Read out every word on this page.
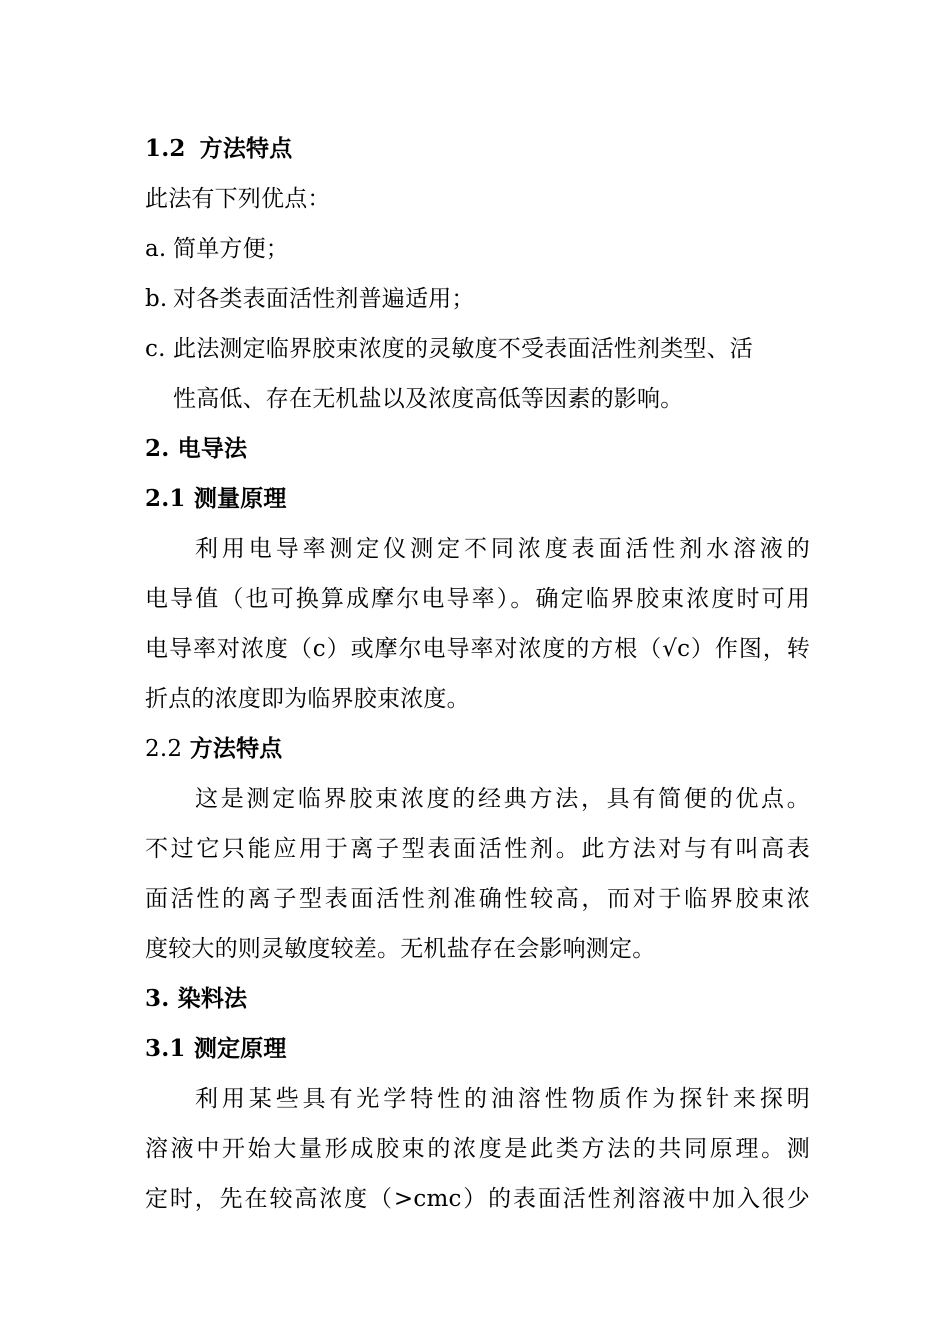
1.2 方法特点
此法有下列优点：
a. 简单方便；
b. 对各类表面活性剂普遍适用；
c. 此法测定临界胶束浓度的灵敏度不受表面活性剂类型、活
性高低、存在无机盐以及浓度高低等因素的影响。
2. 电导法
2.1 测量原理
利用电导率测定仪测定不同浓度表面活性剂水溶液的
电导值（也可换算成摩尔电导率）。确定临界胶束浓度时可用
电导率对浓度（c）或摩尔电导率对浓度的方根（√c）作图，转
折点的浓度即为临界胶束浓度。
2.2 方法特点
这是测定临界胶束浓度的经典方法，具有简便的优点。
不过它只能应用于离子型表面活性剂。此方法对与有叫高表
面活性的离子型表面活性剂准确性较高，而对于临界胶束浓
度较大的则灵敏度较差。无机盐存在会影响测定。
3. 染料法
3.1 测定原理
利用某些具有光学特性的油溶性物质作为探针来探明
溶液中开始大量形成胶束的浓度是此类方法的共同原理。测
定时，先在较高浓度（>cmc）的表面活性剂溶液中加入很少
